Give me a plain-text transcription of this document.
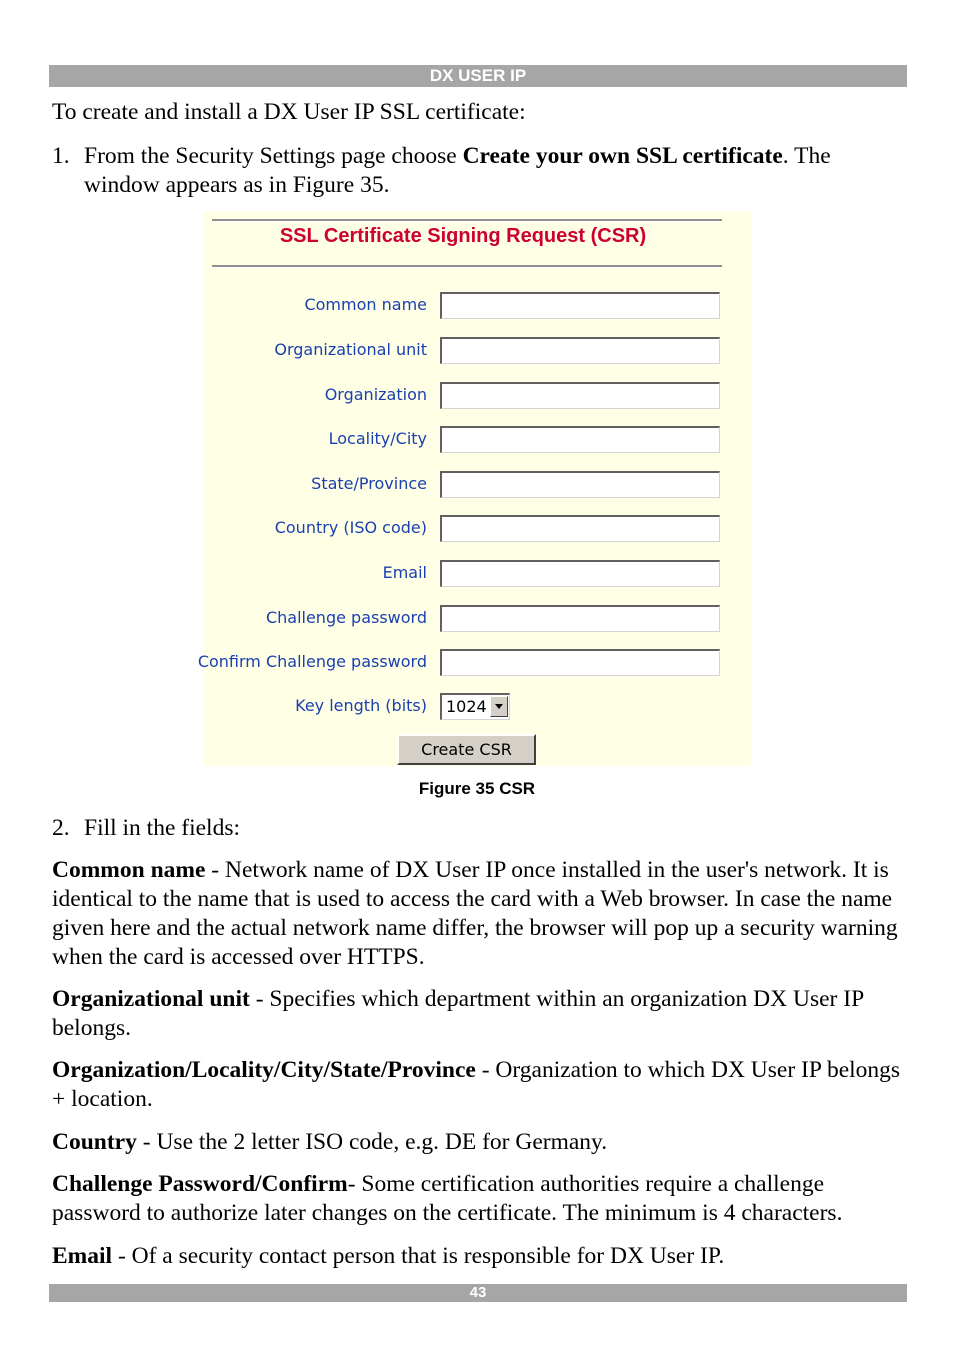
DX USER IP
To create and install a DX User IP SSL certificate:
1. From the Security Settings page choose Create your own SSL certificate. The window appears as in Figure 35.
SSL Certificate Signing Request (CSR)
Common name
Organizational unit
Organization
Locality/City
State/Province
Country (ISO code)
Email
Challenge password
Confirm Challenge password
Key length (bits) 1024
Create CSR
Figure 35 CSR
2. Fill in the fields:
Common name - Network name of DX User IP once installed in the user's network. It is identical to the name that is used to access the card with a Web browser. In case the name given here and the actual network name differ, the browser will pop up a security warning when the card is accessed over HTTPS.
Organizational unit - Specifies which department within an organization DX User IP belongs.
Organization/Locality/City/State/Province - Organization to which DX User IP belongs + location.
Country - Use the 2 letter ISO code, e.g. DE for Germany.
Challenge Password/Confirm- Some certification authorities require a challenge password to authorize later changes on the certificate. The minimum is 4 characters.
Email - Of a security contact person that is responsible for DX User IP.
43
